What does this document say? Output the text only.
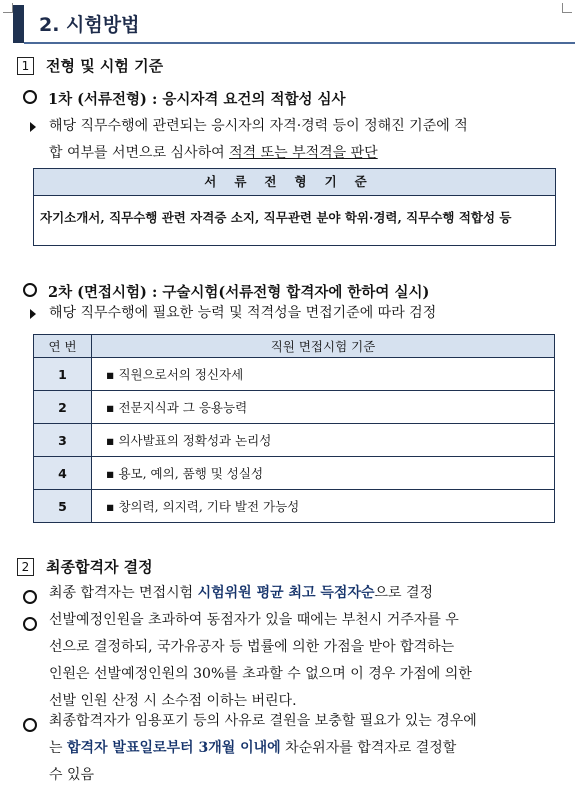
2. 시험방법
1 전형 및 시험 기준
1차 (서류전형) : 응시자격 요건의 적합성 심사
해당 직무수행에 관련되는 응시자의 자격·경력 등이 정해진 기준에 적
합 여부를 서면으로 심사하여 적격 또는 부적격을 판단
서류전형기준
자기소개서, 직무수행 관련 자격증 소지, 직무관련 분야 학위·경력, 직무수행 적합성 등
2차 (면접시험) : 구술시험(서류전형 합격자에 한하여 실시)
해당 직무수행에 필요한 능력 및 적격성을 면접기준에 따라 검정
연 번	직원 면접시험 기준
1	▪ 직원으로서의 정신자세
2	▪ 전문지식과 그 응용능력
3	▪ 의사발표의 정확성과 논리성
4	▪ 용모, 예의, 품행 및 성실성
5	▪ 창의력, 의지력, 기타 발전 가능성
2 최종합격자 결정
최종 합격자는 면접시험 시험위원 평균 최고 득점자순으로 결정
선발예정인원을 초과하여 동점자가 있을 때에는 부천시 거주자를 우
선으로 결정하되, 국가유공자 등 법률에 의한 가점을 받아 합격하는
인원은 선발예정인원의 30%를 초과할 수 없으며 이 경우 가점에 의한
선발 인원 산정 시 소수점 이하는 버린다.
최종합격자가 임용포기 등의 사유로 결원을 보충할 필요가 있는 경우에
는 합격자 발표일로부터 3개월 이내에 차순위자를 합격자로 결정할
수 있음
